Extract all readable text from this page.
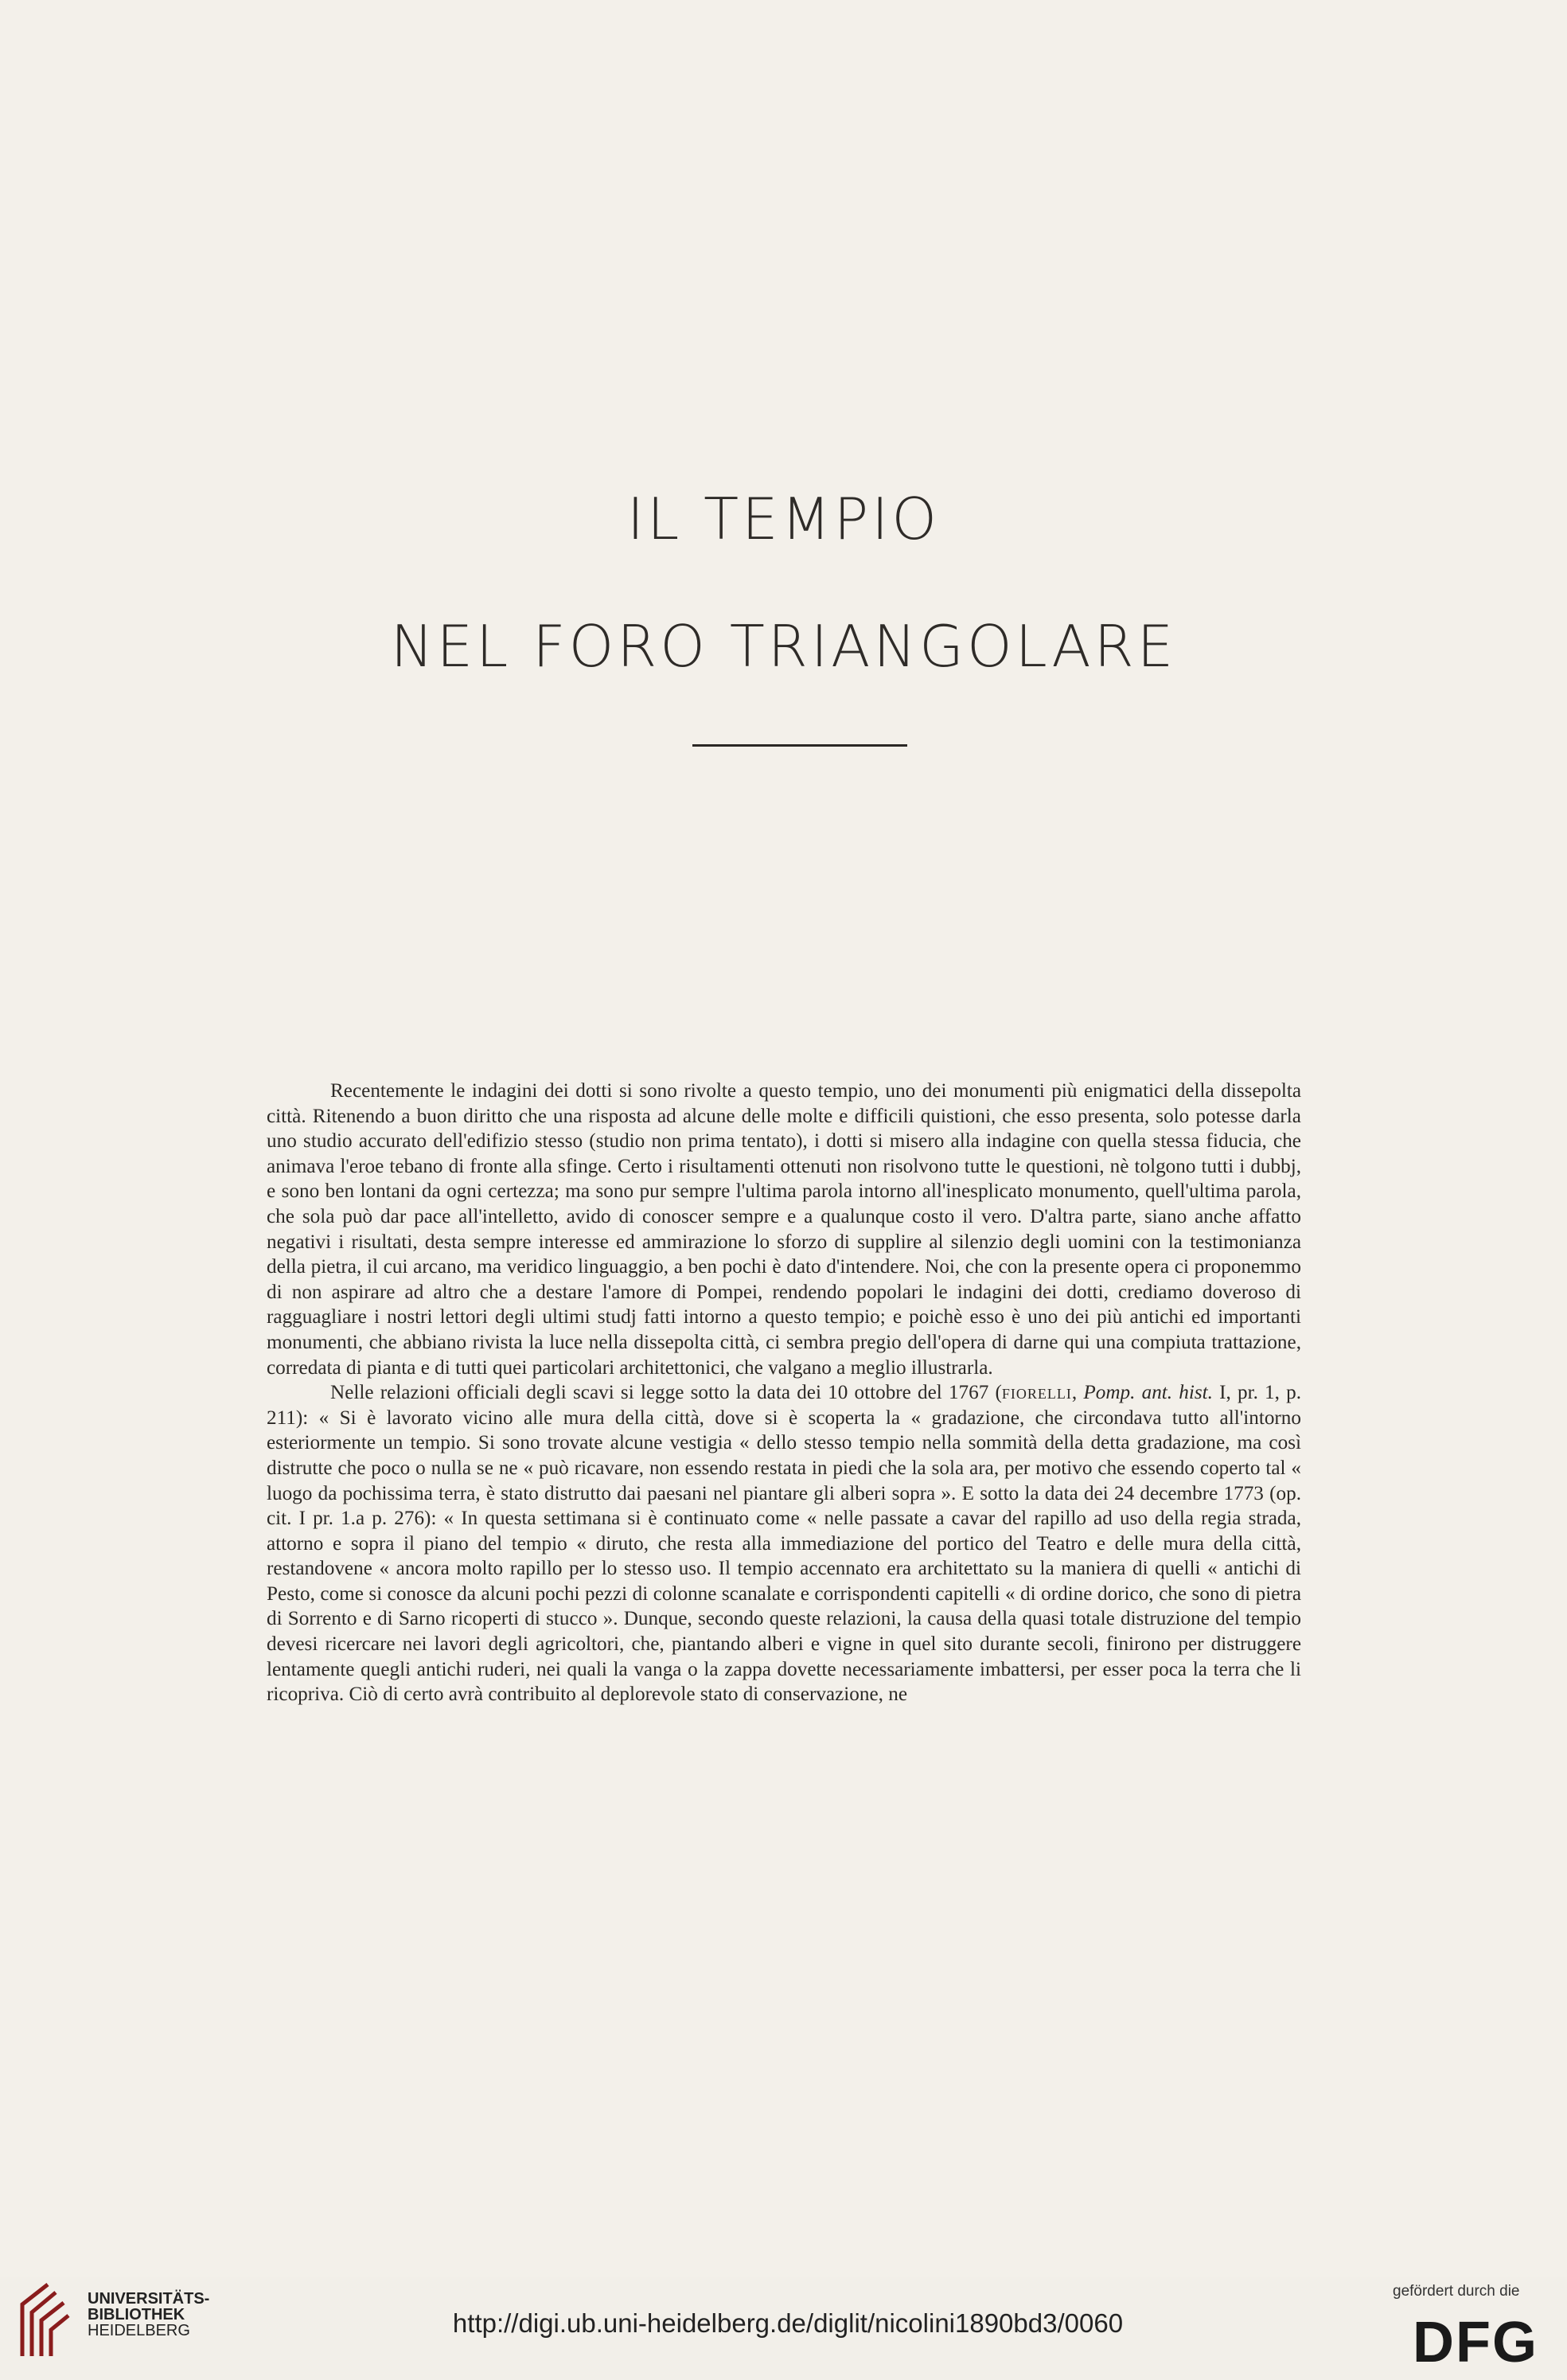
IL TEMPIO
NEL FORO TRIANGOLARE

Recentemente le indagini dei dotti si sono rivolte a questo tempio, uno dei monumenti più enigmatici della dissepolta città. Ritenendo a buon diritto che una risposta ad alcune delle molte e difficili quistioni, che esso presenta, solo potesse darla uno studio accurato dell'edifizio stesso (studio non prima tentato), i dotti si misero alla indagine con quella stessa fiducia, che animava l'eroe tebano di fronte alla sfinge. Certo i risultamenti ottenuti non risolvono tutte le questioni, nè tolgono tutti i dubbj, e sono ben lontani da ogni certezza; ma sono pur sempre l'ultima parola intorno all'inesplicato monumento, quell'ultima parola, che sola può dar pace all'intelletto, avido di conoscer sempre e a qualunque costo il vero. D'altra parte, siano anche affatto negativi i risultati, desta sempre interesse ed ammirazione lo sforzo di supplire al silenzio degli uomini con la testimonianza della pietra, il cui arcano, ma veridico linguaggio, a ben pochi è dato d'intendere. Noi, che con la presente opera ci proponemmo di non aspirare ad altro che a destare l'amore di Pompei, rendendo popolari le indagini dei dotti, crediamo doveroso di ragguagliare i nostri lettori degli ultimi studj fatti intorno a questo tempio; e poichè esso è uno dei più antichi ed importanti monumenti, che abbiano rivista la luce nella dissepolta città, ci sembra pregio dell'opera di darne qui una compiuta trattazione, corredata di pianta e di tutti quei particolari architettonici, che valgano a meglio illustrarla.

Nelle relazioni officiali degli scavi si legge sotto la data dei 10 ottobre del 1767 (fiorelli, Pomp. ant. hist. I, pr. 1, p. 211): « Si è lavorato vicino alle mura della città, dove si è scoperta la « gradazione, che circondava tutto all'intorno esteriormente un tempio. Si sono trovate alcune vestigia « dello stesso tempio nella sommità della detta gradazione, ma così distrutte che poco o nulla se ne « può ricavare, non essendo restata in piedi che la sola ara, per motivo che essendo coperto tal « luogo da pochissima terra, è stato distrutto dai paesani nel piantare gli alberi sopra ». E sotto la data dei 24 decembre 1773 (op. cit. I pr. 1.a p. 276): « In questa settimana si è continuato come « nelle passate a cavar del rapillo ad uso della regia strada, attorno e sopra il piano del tempio « diruto, che resta alla immediazione del portico del Teatro e delle mura della città, restandovene « ancora molto rapillo per lo stesso uso. Il tempio accennato era architettato su la maniera di quelli « antichi di Pesto, come si conosce da alcuni pochi pezzi di colonne scanalate e corrispondenti capitelli « di ordine dorico, che sono di pietra di Sorrento e di Sarno ricoperti di stucco ». Dunque, secondo queste relazioni, la causa della quasi totale distruzione del tempio devesi ricercare nei lavori degli agricoltori, che, piantando alberi e vigne in quel sito durante secoli, finirono per distruggere lentamente quegli antichi ruderi, nei quali la vanga o la zappa dovette necessariamente imbattersi, per esser poca la terra che li ricopriva. Ciò di certo avrà contribuito al deplorevole stato di conservazione, ne

UNIVERSITÄTS-
BIBLIOTHEK
HEIDELBERG	http://digi.ub.uni-heidelberg.de/diglit/nicolini1890bd3/0060
gefördert durch die
DFG
